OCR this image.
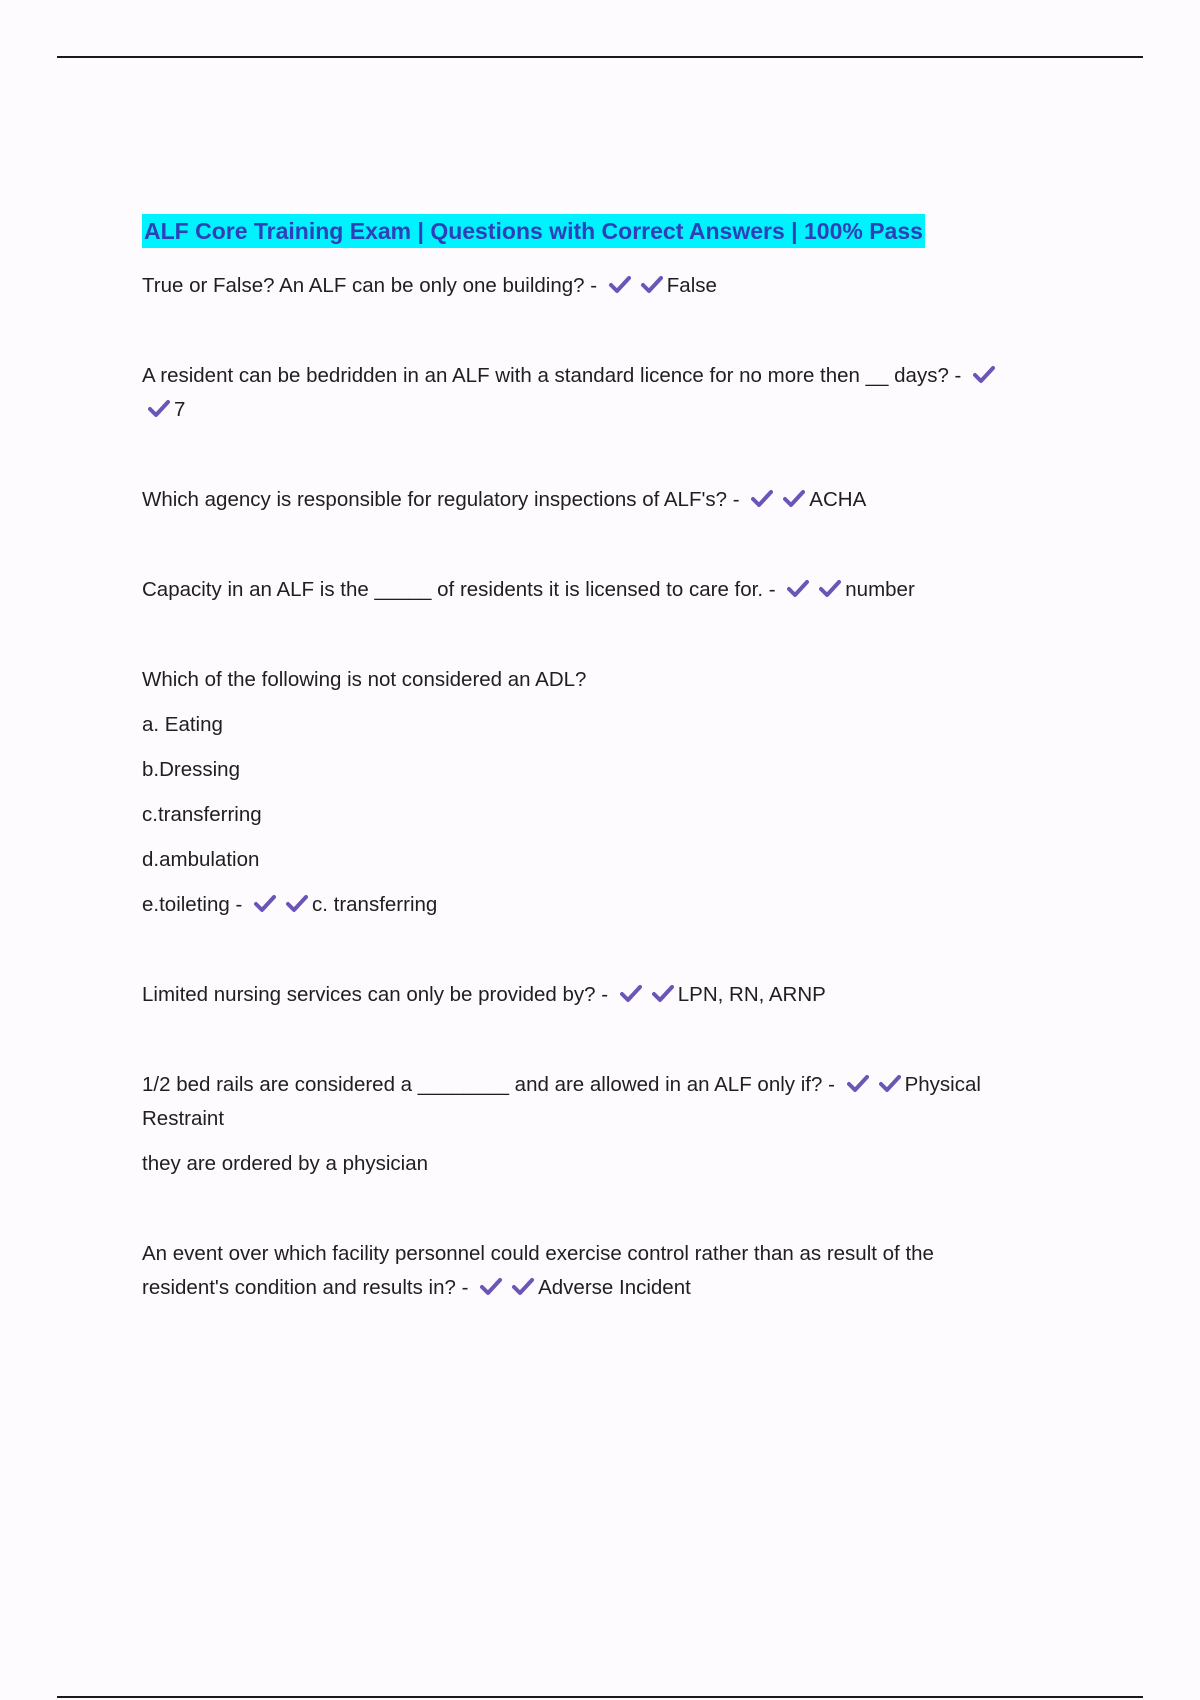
ALF Core Training Exam | Questions with Correct Answers | 100% Pass

True or False? An ALF can be only one building? -	False

A resident can be bedridden in an ALF with a standard licence for no more then __ days? -
7

Which agency is responsible for regulatory inspections of ALF's? -	ACHA

Capacity in an ALF is the _____ of residents it is licensed to care for. -	number

Which of the following is not considered an ADL?

a. Eating

b.Dressing

c.transferring

d.ambulation

e.toileting -	c. transferring

Limited nursing services can only be provided by? -	LPN, RN, ARNP

1/2 bed rails are considered a ________ and are allowed in an ALF only if? -	Physical Restraint

they are ordered by a physician

An event over which facility personnel could exercise control rather than as result of the resident's condition and results in? -	Adverse Incident
